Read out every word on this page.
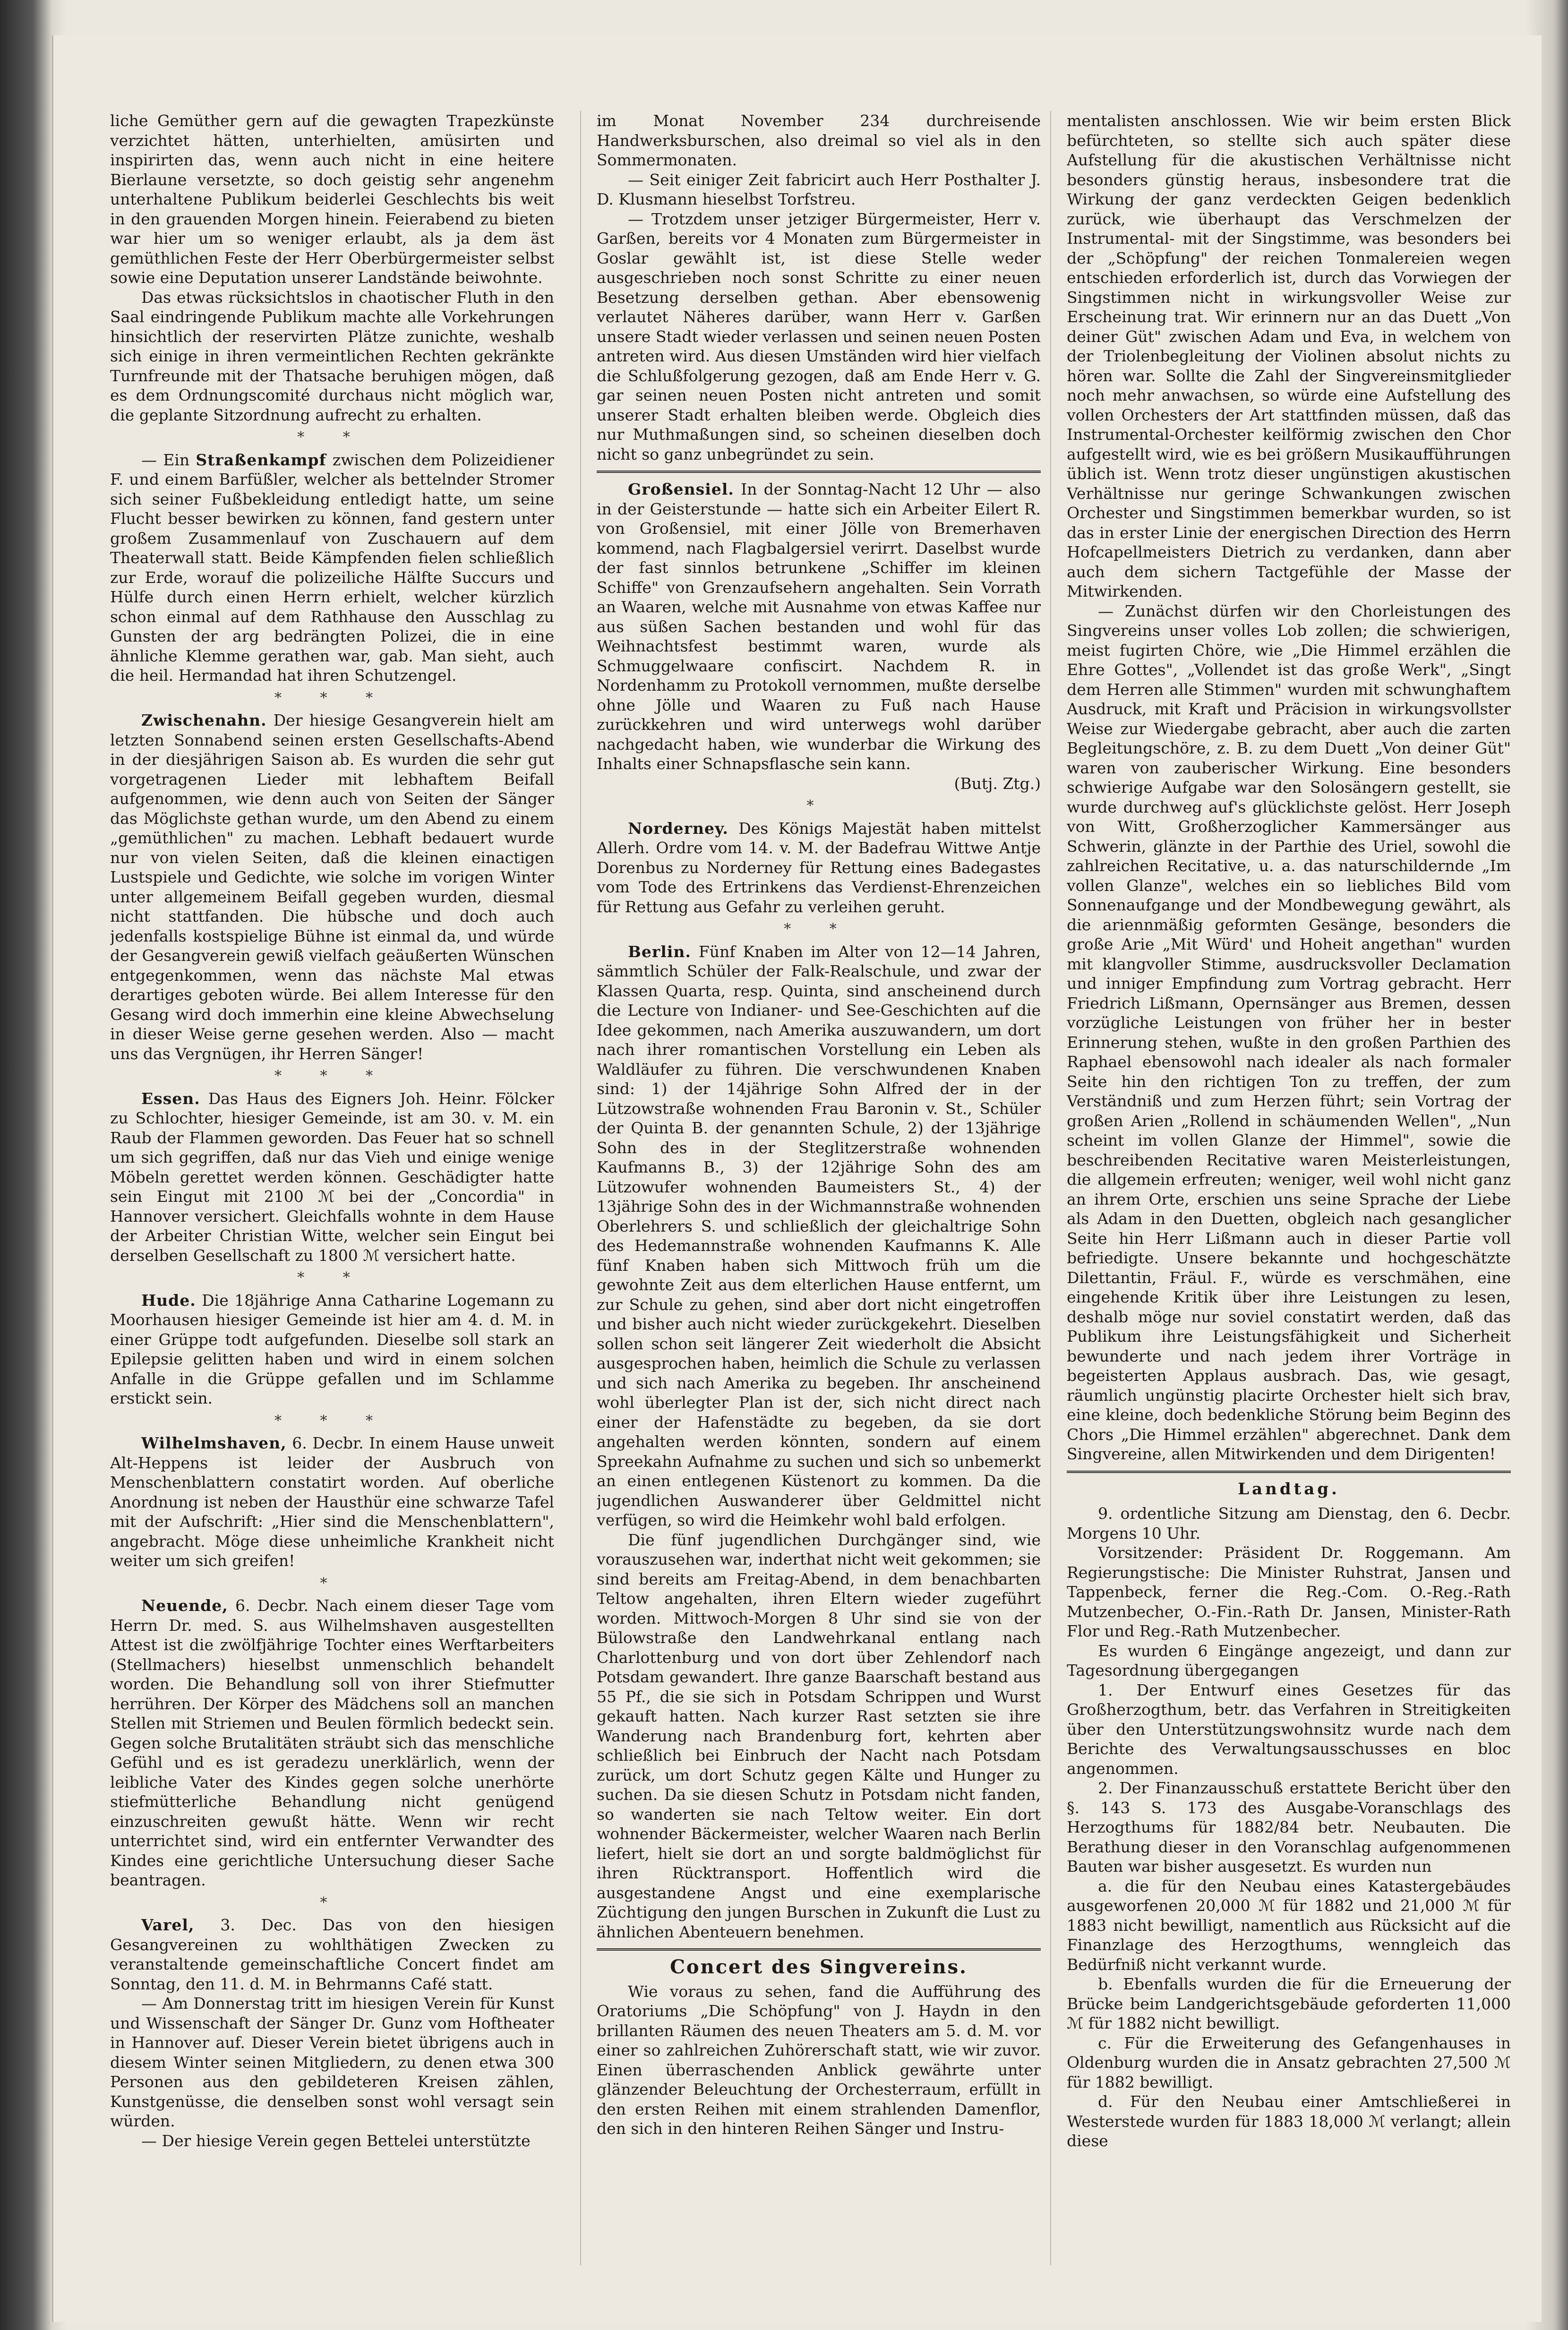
liche Gemüther gern auf die gewagten Trapezkünste verzichtet hätten, unterhielten, amüsirten und inspirirten das, wenn auch nicht in eine heitere Bierlaune versetzte, so doch geistig sehr angenehm unterhaltene Publikum beiderlei Geschlechts bis weit in den grauenden Morgen hinein. Feierabend zu bieten war hier um so weniger erlaubt, als ja dem äst gemüthlichen Feste der Herr Oberbürgermeister selbst sowie eine Deputation unserer Landstände beiwohnte.

Das etwas rücksichtslos in chaotischer Fluth in den Saal eindringende Publikum machte alle Vorkehrungen hinsichtlich der reservirten Plätze zunichte, weshalb sich einige in ihren vermeintlichen Rechten gekränkte Turnfreunde mit der Thatsache beruhigen mögen, daß es dem Ordnungscomité durchaus nicht möglich war, die geplante Sitzordnung aufrecht zu erhalten.

* *

— Ein Straßenkampf zwischen dem Polizeidiener F. und einem Barfüßler, welcher als bettelnder Stromer sich seiner Fußbekleidung entledigt hatte, um seine Flucht besser bewirken zu können, fand gestern unter großem Zusammenlauf von Zuschauern auf dem Theaterwall statt. Beide Kämpfenden fielen schließlich zur Erde, worauf die polizeiliche Hälfte Succurs und Hülfe durch einen Herrn erhielt, welcher kürzlich schon einmal auf dem Rathhause den Ausschlag zu Gunsten der arg bedrängten Polizei, die in eine ähnliche Klemme gerathen war, gab. Man sieht, auch die heil. Hermandad hat ihren Schutzengel.

* * *

Zwischenahn. Der hiesige Gesangverein hielt am letzten Sonnabend seinen ersten Gesellschafts-Abend in der diesjährigen Saison ab. Es wurden die sehr gut vorgetragenen Lieder mit lebhaftem Beifall aufgenommen, wie denn auch von Seiten der Sänger das Möglichste gethan wurde, um den Abend zu einem „gemüthlichen" zu machen. Lebhaft bedauert wurde nur von vielen Seiten, daß die kleinen einactigen Lustspiele und Gedichte, wie solche im vorigen Winter unter allgemeinem Beifall gegeben wurden, diesmal nicht stattfanden. Die hübsche und doch auch jedenfalls kostspielige Bühne ist einmal da, und würde der Gesangverein gewiß vielfach geäußerten Wünschen entgegenkommen, wenn das nächste Mal etwas derartiges geboten würde. Bei allem Interesse für den Gesang wird doch immerhin eine kleine Abwechselung in dieser Weise gerne gesehen werden. Also — macht uns das Vergnügen, ihr Herren Sänger!

* * *

Essen. Das Haus des Eigners Joh. Heinr. Fölcker zu Schlochter, hiesiger Gemeinde, ist am 30. v. M. ein Raub der Flammen geworden. Das Feuer hat so schnell um sich gegriffen, daß nur das Vieh und einige wenige Möbeln gerettet werden können. Geschädigter hatte sein Eingut mit 2100 ℳ bei der „Concordia" in Hannover versichert. Gleichfalls wohnte in dem Hause der Arbeiter Christian Witte, welcher sein Eingut bei derselben Gesellschaft zu 1800 ℳ versichert hatte.

* *

Hude. Die 18jährige Anna Catharine Logemann zu Moorhausen hiesiger Gemeinde ist hier am 4. d. M. in einer Grüppe todt aufgefunden. Dieselbe soll stark an Epilepsie gelitten haben und wird in einem solchen Anfalle in die Grüppe gefallen und im Schlamme erstickt sein.

* * *

Wilhelmshaven, 6. Decbr. In einem Hause unweit Alt-Heppens ist leider der Ausbruch von Menschenblattern constatirt worden. Auf oberliche Anordnung ist neben der Hausthür eine schwarze Tafel mit der Aufschrift: „Hier sind die Menschenblattern", angebracht. Möge diese unheimliche Krankheit nicht weiter um sich greifen!

*

Neuende, 6. Decbr. Nach einem dieser Tage vom Herrn Dr. med. S. aus Wilhelmshaven ausgestellten Attest ist die zwölfjährige Tochter eines Werftarbeiters (Stellmachers) hieselbst unmenschlich behandelt worden. Die Behandlung soll von ihrer Stiefmutter herrühren. Der Körper des Mädchens soll an manchen Stellen mit Striemen und Beulen förmlich bedeckt sein. Gegen solche Brutalitäten sträubt sich das menschliche Gefühl und es ist geradezu unerklärlich, wenn der leibliche Vater des Kindes gegen solche unerhörte stiefmütterliche Behandlung nicht genügend einzuschreiten gewußt hätte. Wenn wir recht unterrichtet sind, wird ein entfernter Verwandter des Kindes eine gerichtliche Untersuchung dieser Sache beantragen.

*

Varel, 3. Dec. Das von den hiesigen Gesangvereinen zu wohlthätigen Zwecken zu veranstaltende gemeinschaftliche Concert findet am Sonntag, den 11. d. M. in Behrmanns Café statt.

— Am Donnerstag tritt im hiesigen Verein für Kunst und Wissenschaft der Sänger Dr. Gunz vom Hoftheater in Hannover auf. Dieser Verein bietet übrigens auch in diesem Winter seinen Mitgliedern, zu denen etwa 300 Personen aus den gebildeteren Kreisen zählen, Kunstgenüsse, die denselben sonst wohl versagt sein würden.

— Der hiesige Verein gegen Bettelei unterstützte

im Monat November 234 durchreisende Handwerksburschen, also dreimal so viel als in den Sommermonaten.

— Seit einiger Zeit fabricirt auch Herr Posthalter J. D. Klusmann hieselbst Torfstreu.

— Trotzdem unser jetziger Bürgermeister, Herr v. Garßen, bereits vor 4 Monaten zum Bürgermeister in Goslar gewählt ist, ist diese Stelle weder ausgeschrieben noch sonst Schritte zu einer neuen Besetzung derselben gethan. Aber ebensowenig verlautet Näheres darüber, wann Herr v. Garßen unsere Stadt wieder verlassen und seinen neuen Posten antreten wird. Aus diesen Umständen wird hier vielfach die Schlußfolgerung gezogen, daß am Ende Herr v. G. gar seinen neuen Posten nicht antreten und somit unserer Stadt erhalten bleiben werde. Obgleich dies nur Muthmaßungen sind, so scheinen dieselben doch nicht so ganz unbegründet zu sein.

Großensiel. In der Sonntag-Nacht 12 Uhr — also in der Geisterstunde — hatte sich ein Arbeiter Eilert R. von Großensiel, mit einer Jölle von Bremerhaven kommend, nach Flagbalgersiel verirrt. Daselbst wurde der fast sinnlos betrunkene „Schiffer im kleinen Schiffe" von Grenzaufsehern angehalten. Sein Vorrath an Waaren, welche mit Ausnahme von etwas Kaffee nur aus süßen Sachen bestanden und wohl für das Weihnachtsfest bestimmt waren, wurde als Schmuggelwaare confiscirt. Nachdem R. in Nordenhamm zu Protokoll vernommen, mußte derselbe ohne Jölle und Waaren zu Fuß nach Hause zurückkehren und wird unterwegs wohl darüber nachgedacht haben, wie wunderbar die Wirkung des Inhalts einer Schnapsflasche sein kann.

(Butj. Ztg.)
*

Norderney. Des Königs Majestät haben mittelst Allerh. Ordre vom 14. v. M. der Badefrau Wittwe Antje Dorenbus zu Norderney für Rettung eines Badegastes vom Tode des Ertrinkens das Verdienst-Ehrenzeichen für Rettung aus Gefahr zu verleihen geruht.

* *

Berlin. Fünf Knaben im Alter von 12—14 Jahren, sämmtlich Schüler der Falk-Realschule, und zwar der Klassen Quarta, resp. Quinta, sind anscheinend durch die Lecture von Indianer- und See-Geschichten auf die Idee gekommen, nach Amerika auszuwandern, um dort nach ihrer romantischen Vorstellung ein Leben als Waldläufer zu führen. Die verschwundenen Knaben sind: 1) der 14jährige Sohn Alfred der in der Lützowstraße wohnenden Frau Baronin v. St., Schüler der Quinta B. der genannten Schule, 2) der 13jährige Sohn des in der Steglitzerstraße wohnenden Kaufmanns B., 3) der 12jährige Sohn des am Lützowufer wohnenden Baumeisters St., 4) der 13jährige Sohn des in der Wichmannstraße wohnenden Oberlehrers S. und schließlich der gleichaltrige Sohn des Hedemannstraße wohnenden Kaufmanns K. Alle fünf Knaben haben sich Mittwoch früh um die gewohnte Zeit aus dem elterlichen Hause entfernt, um zur Schule zu gehen, sind aber dort nicht eingetroffen und bisher auch nicht wieder zurückgekehrt. Dieselben sollen schon seit längerer Zeit wiederholt die Absicht ausgesprochen haben, heimlich die Schule zu verlassen und sich nach Amerika zu begeben. Ihr anscheinend wohl überlegter Plan ist der, sich nicht direct nach einer der Hafenstädte zu begeben, da sie dort angehalten werden könnten, sondern auf einem Spreekahn Aufnahme zu suchen und sich so unbemerkt an einen entlegenen Küstenort zu kommen. Da die jugendlichen Auswanderer über Geldmittel nicht verfügen, so wird die Heimkehr wohl bald erfolgen.

Die fünf jugendlichen Durchgänger sind, wie vorauszusehen war, inderthat nicht weit gekommen; sie sind bereits am Freitag-Abend, in dem benachbarten Teltow angehalten, ihren Eltern wieder zugeführt worden. Mittwoch-Morgen 8 Uhr sind sie von der Bülowstraße den Landwehrkanal entlang nach Charlottenburg und von dort über Zehlendorf nach Potsdam gewandert. Ihre ganze Baarschaft bestand aus 55 Pf., die sie sich in Potsdam Schrippen und Wurst gekauft hatten. Nach kurzer Rast setzten sie ihre Wanderung nach Brandenburg fort, kehrten aber schließlich bei Einbruch der Nacht nach Potsdam zurück, um dort Schutz gegen Kälte und Hunger zu suchen. Da sie diesen Schutz in Potsdam nicht fanden, so wanderten sie nach Teltow weiter. Ein dort wohnender Bäckermeister, welcher Waaren nach Berlin liefert, hielt sie dort an und sorgte baldmöglichst für ihren Rücktransport. Hoffentlich wird die ausgestandene Angst und eine exemplarische Züchtigung den jungen Burschen in Zukunft die Lust zu ähnlichen Abenteuern benehmen.

Concert des Singvereins.

Wie voraus zu sehen, fand die Aufführung des Oratoriums „Die Schöpfung" von J. Haydn in den brillanten Räumen des neuen Theaters am 5. d. M. vor einer so zahlreichen Zuhörerschaft statt, wie wir zuvor. Einen überraschenden Anblick gewährte unter glänzender Beleuchtung der Orchesterraum, erfüllt in den ersten Reihen mit einem strahlenden Damenflor, den sich in den hinteren Reihen Sänger und Instru-

mentalisten anschlossen. Wie wir beim ersten Blick befürchteten, so stellte sich auch später diese Aufstellung für die akustischen Verhältnisse nicht besonders günstig heraus, insbesondere trat die Wirkung der ganz verdeckten Geigen bedenklich zurück, wie überhaupt das Verschmelzen der Instrumental- mit der Singstimme, was besonders bei der „Schöpfung" der reichen Tonmalereien wegen entschieden erforderlich ist, durch das Vorwiegen der Singstimmen nicht in wirkungsvoller Weise zur Erscheinung trat. Wir erinnern nur an das Duett „Von deiner Güt" zwischen Adam und Eva, in welchem von der Triolenbegleitung der Violinen absolut nichts zu hören war. Sollte die Zahl der Singvereinsmitglieder noch mehr anwachsen, so würde eine Aufstellung des vollen Orchesters der Art stattfinden müssen, daß das Instrumental-Orchester keilförmig zwischen den Chor aufgestellt wird, wie es bei größern Musikaufführungen üblich ist. Wenn trotz dieser ungünstigen akustischen Verhältnisse nur geringe Schwankungen zwischen Orchester und Singstimmen bemerkbar wurden, so ist das in erster Linie der energischen Direction des Herrn Hofcapellmeisters Dietrich zu verdanken, dann aber auch dem sichern Tactgefühle der Masse der Mitwirkenden.

— Zunächst dürfen wir den Chorleistungen des Singvereins unser volles Lob zollen; die schwierigen, meist fugirten Chöre, wie „Die Himmel erzählen die Ehre Gottes", „Vollendet ist das große Werk", „Singt dem Herren alle Stimmen" wurden mit schwunghaftem Ausdruck, mit Kraft und Präcision in wirkungsvollster Weise zur Wiedergabe gebracht, aber auch die zarten Begleitungschöre, z. B. zu dem Duett „Von deiner Güt" waren von zauberischer Wirkung. Eine besonders schwierige Aufgabe war den Solosängern gestellt, sie wurde durchweg auf's glücklichste gelöst. Herr Joseph von Witt, Großherzoglicher Kammersänger aus Schwerin, glänzte in der Parthie des Uriel, sowohl die zahlreichen Recitative, u. a. das naturschildernde „Im vollen Glanze", welches ein so liebliches Bild vom Sonnenaufgange und der Mondbewegung gewährt, als die ariennmäßig geformten Gesänge, besonders die große Arie „Mit Würd' und Hoheit angethan" wurden mit klangvoller Stimme, ausdrucksvoller Declamation und inniger Empfindung zum Vortrag gebracht. Herr Friedrich Lißmann, Opernsänger aus Bremen, dessen vorzügliche Leistungen von früher her in bester Erinnerung stehen, wußte in den großen Parthien des Raphael ebensowohl nach idealer als nach formaler Seite hin den richtigen Ton zu treffen, der zum Verständniß und zum Herzen führt; sein Vortrag der großen Arien „Rollend in schäumenden Wellen", „Nun scheint im vollen Glanze der Himmel", sowie die beschreibenden Recitative waren Meisterleistungen, die allgemein erfreuten; weniger, weil wohl nicht ganz an ihrem Orte, erschien uns seine Sprache der Liebe als Adam in den Duetten, obgleich nach gesanglicher Seite hin Herr Lißmann auch in dieser Partie voll befriedigte. Unsere bekannte und hochgeschätzte Dilettantin, Fräul. F., würde es verschmähen, eine eingehende Kritik über ihre Leistungen zu lesen, deshalb möge nur soviel constatirt werden, daß das Publikum ihre Leistungsfähigkeit und Sicherheit bewunderte und nach jedem ihrer Vorträge in begeisterten Applaus ausbrach. Das, wie gesagt, räumlich ungünstig placirte Orchester hielt sich brav, eine kleine, doch bedenkliche Störung beim Beginn des Chors „Die Himmel erzählen" abgerechnet. Dank dem Singvereine, allen Mitwirkenden und dem Dirigenten!

Landtag.

9. ordentliche Sitzung am Dienstag, den 6. Decbr. Morgens 10 Uhr.

Vorsitzender: Präsident Dr. Roggemann. Am Regierungstische: Die Minister Ruhstrat, Jansen und Tappenbeck, ferner die Reg.-Com. O.-Reg.-Rath Mutzenbecher, O.-Fin.-Rath Dr. Jansen, Minister-Rath Flor und Reg.-Rath Mutzenbecher.

Es wurden 6 Eingänge angezeigt, und dann zur Tagesordnung übergegangen

1. Der Entwurf eines Gesetzes für das Großherzogthum, betr. das Verfahren in Streitigkeiten über den Unterstützungswohnsitz wurde nach dem Berichte des Verwaltungsausschusses en bloc angenommen.

2. Der Finanzausschuß erstattete Bericht über den §. 143 S. 173 des Ausgabe-Voranschlags des Herzogthums für 1882/84 betr. Neubauten. Die Berathung dieser in den Voranschlag aufgenommenen Bauten war bisher ausgesetzt. Es wurden nun

a. die für den Neubau eines Katastergebäudes ausgeworfenen 20,000 ℳ für 1882 und 21,000 ℳ für 1883 nicht bewilligt, namentlich aus Rücksicht auf die Finanzlage des Herzogthums, wenngleich das Bedürfniß nicht verkannt wurde.

b. Ebenfalls wurden die für die Erneuerung der Brücke beim Landgerichtsgebäude geforderten 11,000 ℳ für 1882 nicht bewilligt.

c. Für die Erweiterung des Gefangenhauses in Oldenburg wurden die in Ansatz gebrachten 27,500 ℳ für 1882 bewilligt.

d. Für den Neubau einer Amtschließerei in Westerstede wurden für 1883 18,000 ℳ verlangt; allein diese
